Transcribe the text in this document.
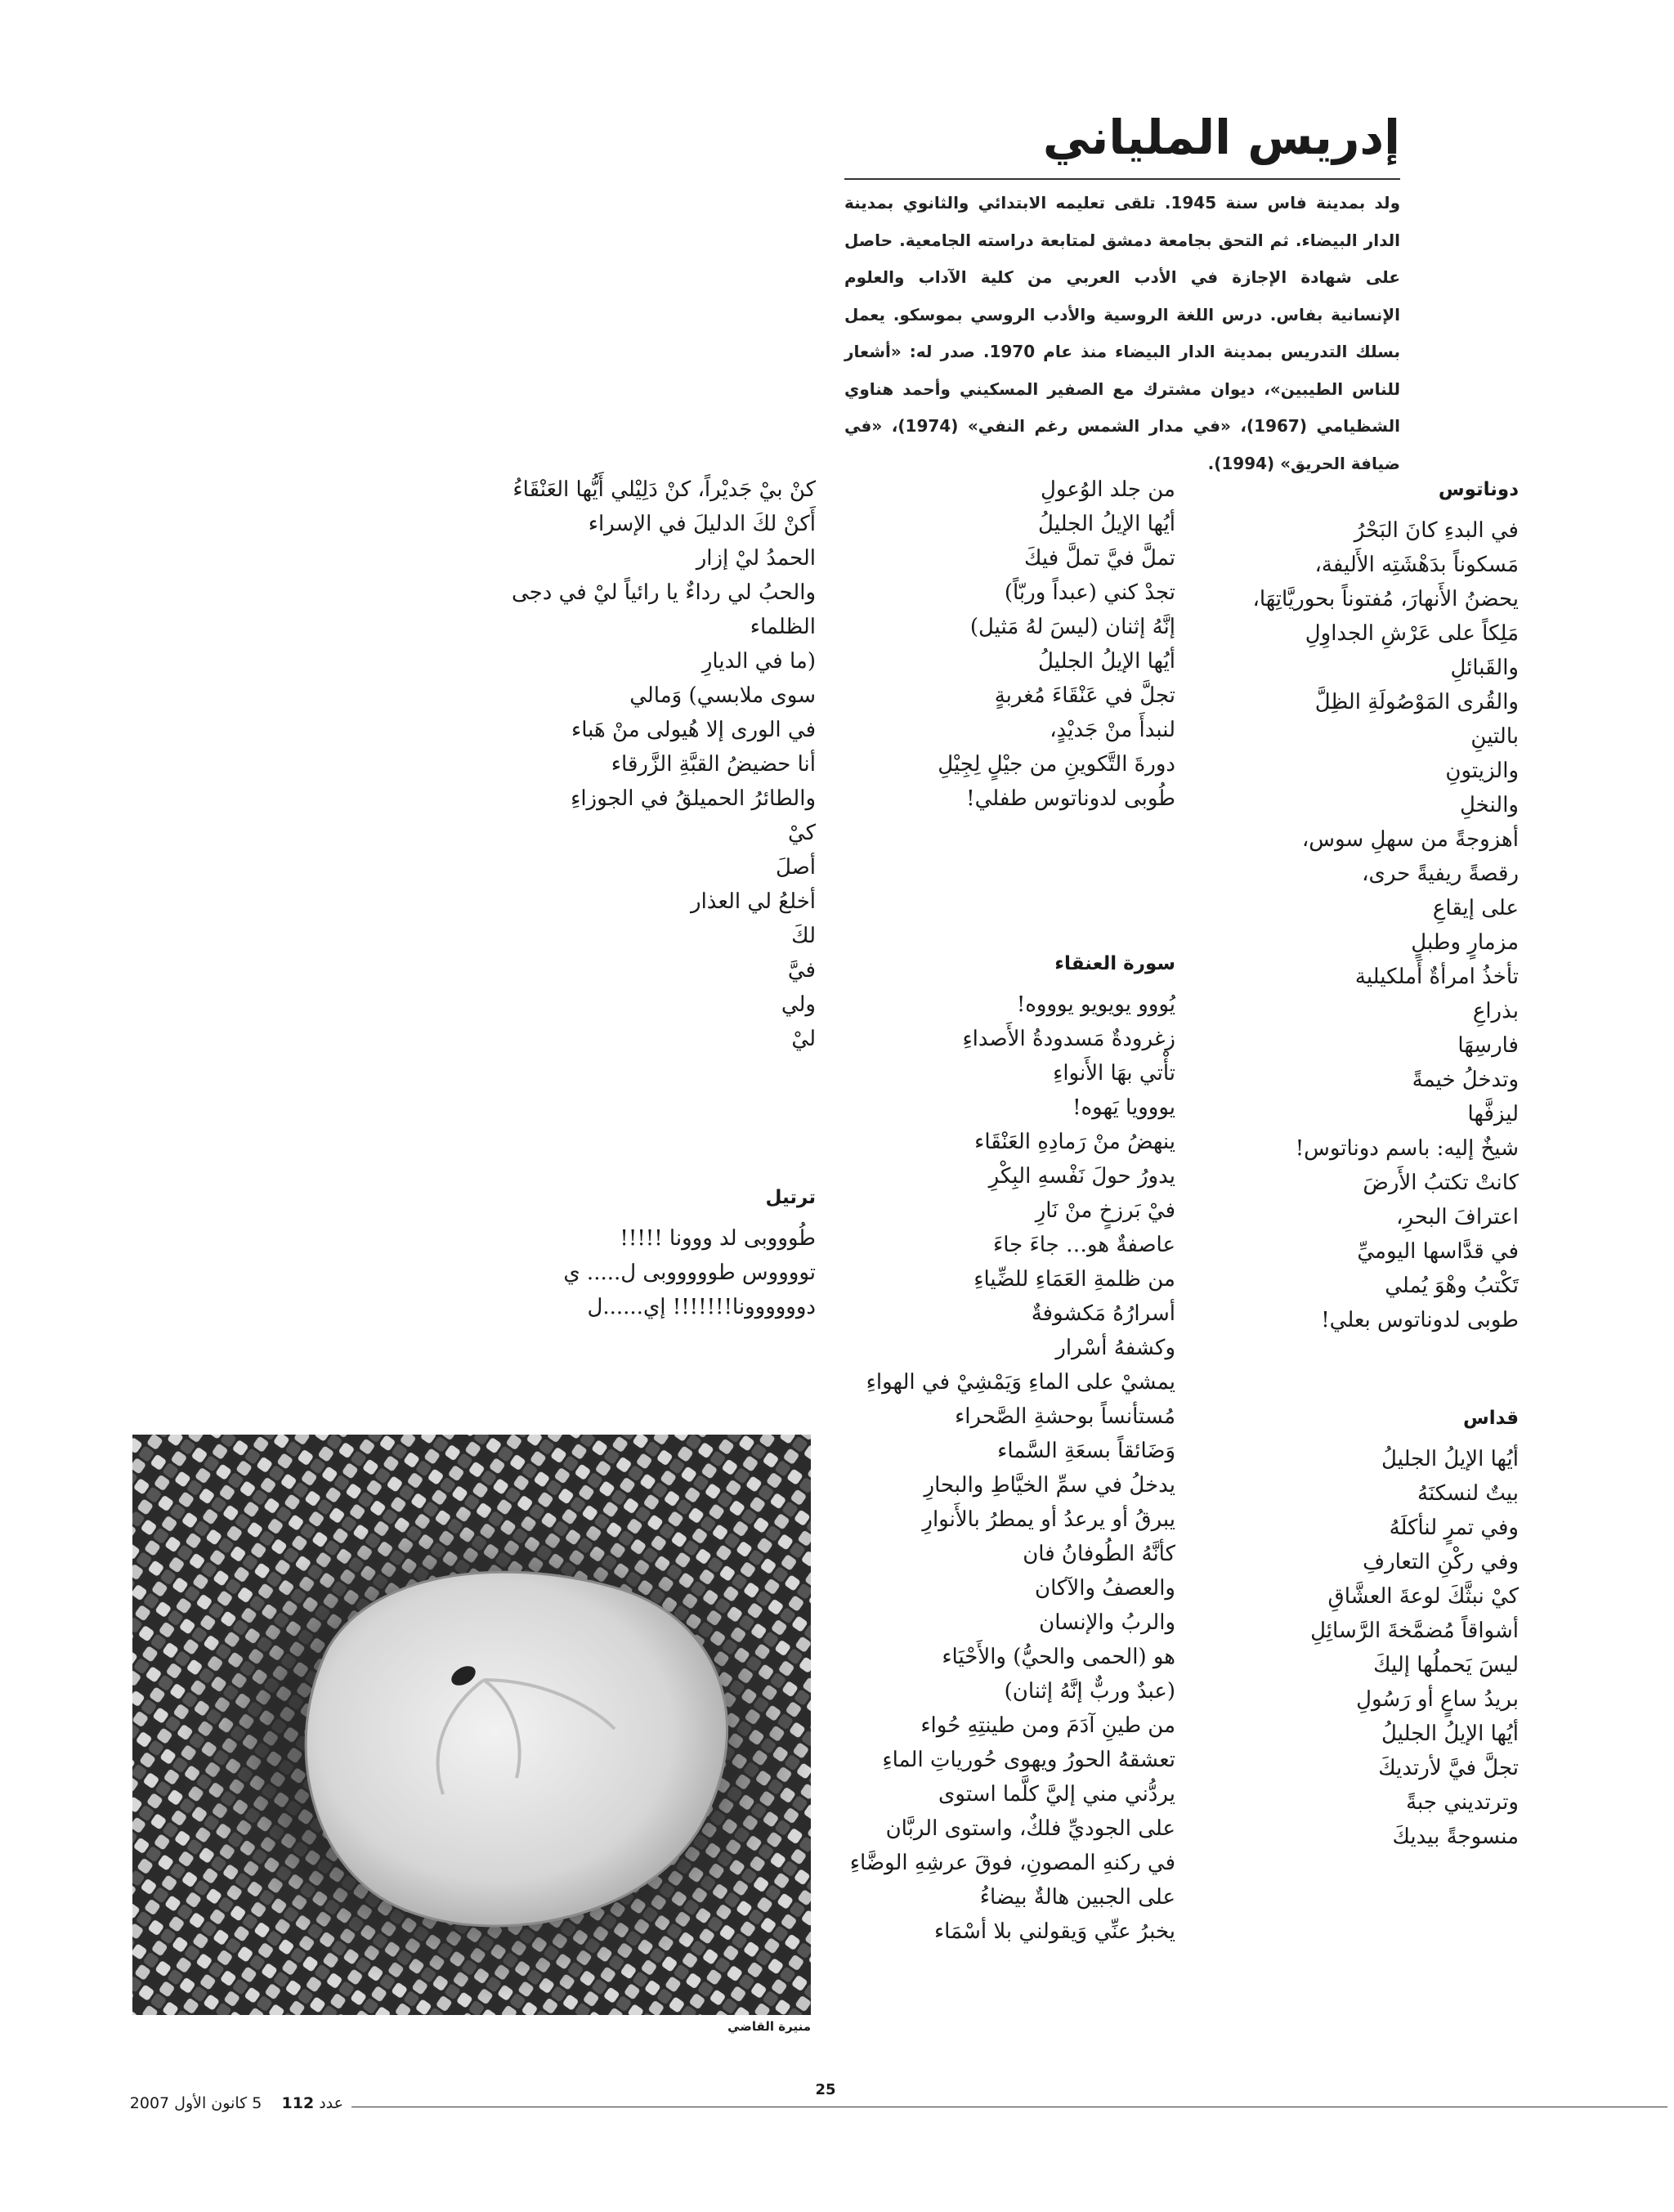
إدريس الملياني

ولد بمدينة فاس سنة 1945. تلقى تعليمه الابتدائي والثانوي بمدينة الدار البيضاء. ثم التحق بجامعة دمشق لمتابعة دراسته الجامعية. حاصل على شهادة الإجازة في الأدب العربي من كلية الآداب والعلوم الإنسانية بفاس. درس اللغة الروسية والأدب الروسي بموسكو. يعمل بسلك التدريس بمدينة الدار البيضاء منذ عام 1970. صدر له: «أشعار للناس الطيبين»، ديوان مشترك مع الصفير المسكيني وأحمد هناوي الشظيامي (1967)، «في مدار الشمس رغم النفي» (1974)، «في ضيافة الحريق» (1994).

دوناتوس
في البدءِ كانَ البَحْرُ
مَسكوناً بدَهْشَتِه الأَليفة،
يحضنُ الأَنهارَ، مُفتوناً بحوريَّاتِهَا،
مَلِكاً على عَرْشِ الجداوِلِ
والقَبائلِ
والقُرى المَوْصُولَةِ الظِلَّ
بالتينِ
والزيتونِ
والنخلِ
أهزوجةً من سهلِ سوس،
رقصةً ريفيةً حرى،
على إيقاعِ
مزمارٍ وطبلٍ
تأخذُ امرأةٌ أَملكيلية
بذراعِ
فارسِهَا
وتدخلُ خيمةً
ليزفَّها
شيخٌ إليه: باسم دوناتوس!
كانتْ تكتبُ الأَرضَ
اعترافَ البحرِ،
في قدَّاسها اليوميِّ
تَكْتبُ وهْوَ يُملي
طوبى لدوناتوس بعلي!
قداس
أيُها الإيلُ الجليلُ
بيتٌ لنسكنَهُ
وفي تمرٍ لنأكلَهُ
وفي ركْنِ التعارفِ
كيْ نبثَّكَ لوعةَ العشَّاقِ
أشواقاً مُضمَّخةَ الرَّسائِلِ
ليسَ يَحملُها إليكَ
بريدُ ساعٍ أو رَسُولِ
أيُها الإيلُ الجليلُ
تجلَّ فيَّ لأرتديكَ
وترتديني جبةً
منسوجةً بيديكَ
من جلد الوُعولِ
أيُها الإيلُ الجليلُ
تملَّ فيَّ تملَّ فيكَ
تجدْ كني (عبداً وربّاً)
إنَّهُ إثنان (ليسَ لهُ مَثيل)
أيُها الإيلُ الجليلُ
تجلَّ في عَنْقَاءَ مُغربةٍ
لنبدأَ منْ جَديْدٍ،
دورةَ التَّكوينِ من جيْلٍ لِجِيْلِ
طُوبى لدوناتوس طفلي!
سورة العنقاء
يُووو يويويو يوووه!
زغرودةٌ مَسدودةُ الأَصداءِ
تأْتي بهَا الأَنواءِ
يووويا يَهوه!
ينهضُ منْ رَمادِهِ العَنْقَاء
يدورُ حولَ نَفْسهِ البِكْرِ
فيْ بَرزخٍ منْ نَارِ
عاصفةٌ هو… جاءَ جاءَ
من ظلمةِ العَمَاءِ للضِّياءِ
أسرارُهُ مَكشوفةٌ
وكشفهُ أسْرار
يمشيْ على الماءِ وَيَمْشِيْ في الهواءِ
مُستأنساً بوحشةِ الصَّحراء
وَضَائقاً بسعَةِ السَّماء
يدخلُ في سمِّ الخيَّاطِ والبحارِ
يبرقُ أو يرعدُ أو يمطرُ بالأَنوارِ
كأنَّهُ الطُوفانُ فان
والعصفُ والآكان
والربُ والإنسان
هو (الحمى والحيُّ) والأَحْيَاء
(عبدٌ وربٌّ إنَّهُ إثنان)
من طينِ آدَمَ ومن طينتِهِ حُواء
تعشقهُ الحورُ ويهوى حُورياتِ الماءِ
يردُّني مني إليَّ كلَّما استوى
على الجوديِّ فلكٌ، واستوى الربَّان
في ركنهِ المصونِ، فوقَ عرشِهِ الوضَّاءِ
على الجبين هالةٌ بيضاءُ
يخبرُ عنِّي وَيقولني بلا أسْمَاء
كنْ بيْ جَديْراً، كنْ دَلِيْلي أَيُّها العَنْقَاءُ
أَكنْ لكَ الدليلَ في الإسراء
الحمدُ ليْ إزار
والحبُ لي رداءٌ يا رائياً ليْ في دجى الظلماء
(ما في الديارِ
سوى ملابسي) وَمالي
في الورى إلا هُيولى منْ هَباء
أنا حضيضُ القبَّةِ الزَّرقاء
والطائرُ الحميلقُ في الجوزاءِ
كيْ
أصلَ
أخلعُ لي العذار
لكَ
فيَّ
ولي
ليْ
ترتيل
طُوووبى لد ووونا !!!!!
تووووس طوووووبى ل..... ي
دوووووونا!!!!!!! إي......ل

منيرة القاضي

25

عدد 112    5 كانون الأول 2007
